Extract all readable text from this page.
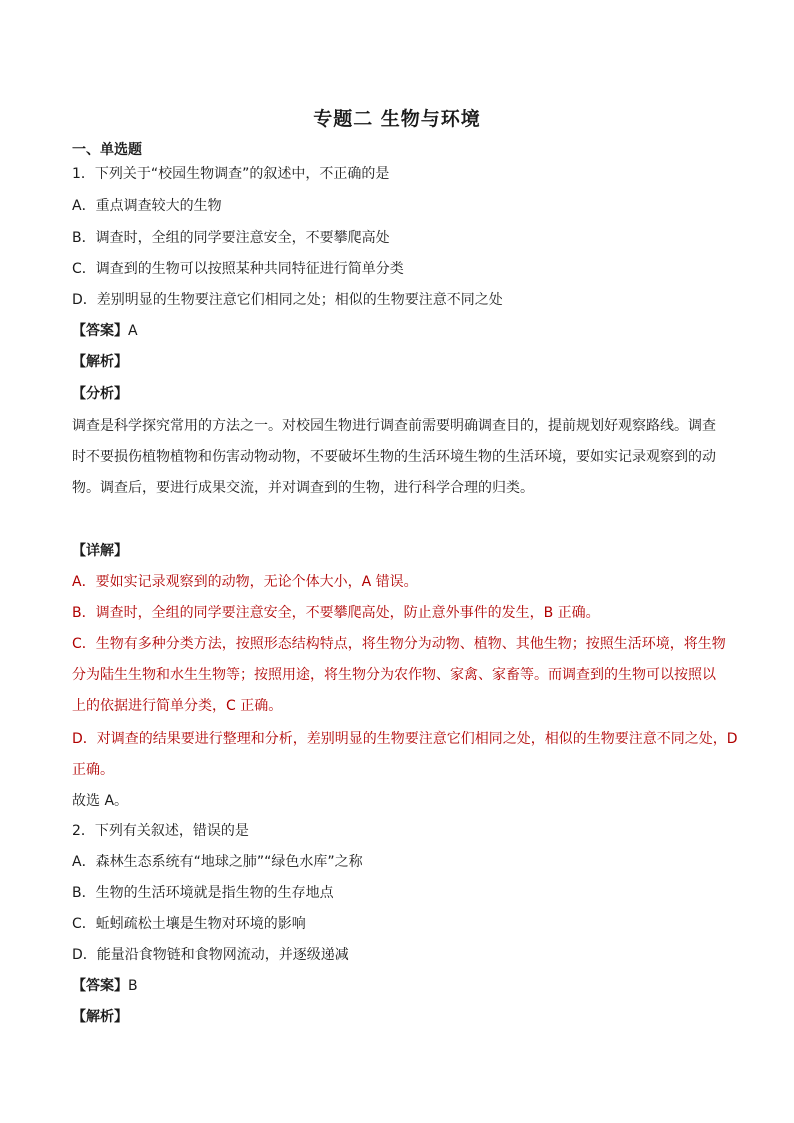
专题二 生物与环境
一、单选题
1．下列关于“校园生物调查”的叙述中，不正确的是
A．重点调查较大的生物
B．调查时，全组的同学要注意安全，不要攀爬高处
C．调查到的生物可以按照某种共同特征进行简单分类
D．差别明显的生物要注意它们相同之处；相似的生物要注意不同之处
【答案】A
【解析】
【分析】
调查是科学探究常用的方法之一。对校园生物进行调查前需要明确调查目的，提前规划好观察路线。调查
时不要损伤植物植物和伤害动物动物，不要破坏生物的生活环境生物的生活环境，要如实记录观察到的动
物。调查后，要进行成果交流，并对调查到的生物，进行科学合理的归类。
【详解】
A．要如实记录观察到的动物，无论个体大小，A 错误。
B．调查时，全组的同学要注意安全，不要攀爬高处，防止意外事件的发生，B 正确。
C．生物有多种分类方法，按照形态结构特点，将生物分为动物、植物、其他生物；按照生活环境，将生物
分为陆生生物和水生生物等；按照用途，将生物分为农作物、家禽、家畜等。而调查到的生物可以按照以
上的依据进行简单分类，C 正确。
D．对调查的结果要进行整理和分析，差别明显的生物要注意它们相同之处，相似的生物要注意不同之处，D
正确。
故选 A。
2．下列有关叙述，错误的是
A．森林生态系统有“地球之肺”“绿色水库”之称
B．生物的生活环境就是指生物的生存地点
C．蚯蚓疏松土壤是生物对环境的影响
D．能量沿食物链和食物网流动，并逐级递减
【答案】B
【解析】
